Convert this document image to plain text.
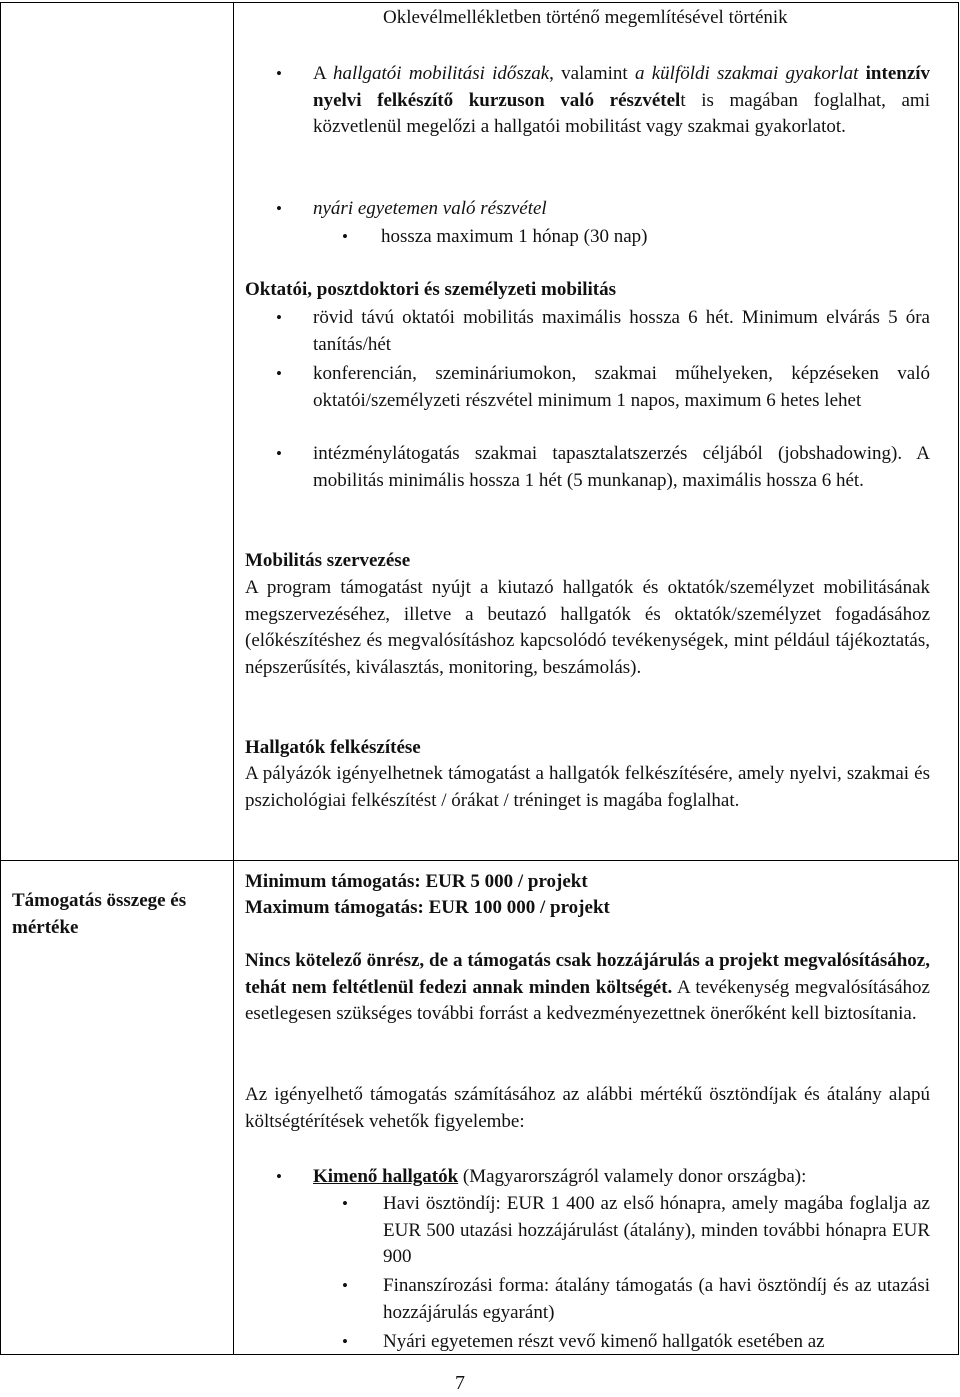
Oklevélmellékletben történő megemlítésével történik

• A hallgatói mobilitási időszak, valamint a külföldi szakmai gyakorlat intenzív nyelvi felkészítő kurzuson való részvételt is magában foglalhat, ami közvetlenül megelőzi a hallgatói mobilitást vagy szakmai gyakorlatot.

• nyári egyetemen való részvétel

• hossza maximum 1 hónap (30 nap)

Oktatói, posztdoktori és személyzeti mobilitás

• rövid távú oktatói mobilitás maximális hossza 6 hét. Minimum elvárás 5 óra tanítás/hét

• konferencián, szemináriumokon, szakmai műhelyeken, képzéseken való oktatói/személyzeti részvétel minimum 1 napos, maximum 6 hetes lehet

• intézménylátogatás szakmai tapasztalatszerzés céljából (jobshadowing). A mobilitás minimális hossza 1 hét (5 munkanap), maximális hossza 6 hét.

Mobilitás szervezése

A program támogatást nyújt a kiutazó hallgatók és oktatók/személyzet mobilitásának megszervezéséhez, illetve a beutazó hallgatók és oktatók/személyzet fogadásához (előkészítéshez és megvalósításhoz kapcsolódó tevékenységek, mint például tájékoztatás, népszerűsítés, kiválasztás, monitoring, beszámolás).

Hallgatók felkészítése

A pályázók igényelhetnek támogatást a hallgatók felkészítésére, amely nyelvi, szakmai és pszichológiai felkészítést / órákat / tréninget is magába foglalhat.

Támogatás összege és mértéke

Minimum támogatás: EUR 5 000 / projekt

Maximum támogatás: EUR 100 000 / projekt

Nincs kötelező önrész, de a támogatás csak hozzájárulás a projekt megvalósításához, tehát nem feltétlenül fedezi annak minden költségét. A tevékenység megvalósításához esetlegesen szükséges további forrást a kedvezményezettnek önerőként kell biztosítania.

Az igényelhető támogatás számításához az alábbi mértékű ösztöndíjak és átalány alapú költségtérítések vehetők figyelembe:

• Kimenő hallgatók (Magyarországról valamely donor országba):

• Havi ösztöndíj: EUR 1 400 az első hónapra, amely magába foglalja az EUR 500 utazási hozzájárulást (átalány), minden további hónapra EUR 900

• Finanszírozási forma: átalány támogatás (a havi ösztöndíj és az utazási hozzájárulás egyaránt)

• Nyári egyetemen részt vevő kimenő hallgatók esetében az

7
